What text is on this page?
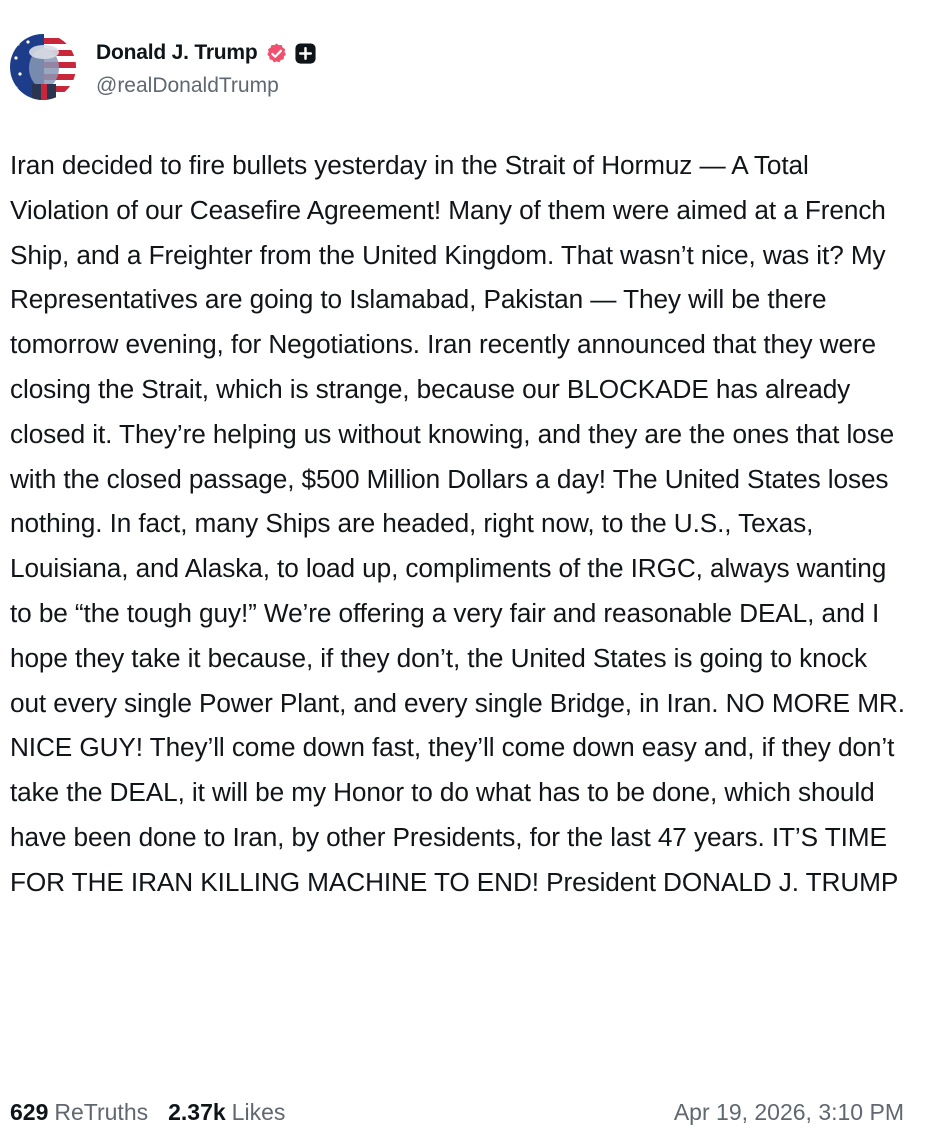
Donald J. Trump
@realDonaldTrump
Iran decided to fire bullets yesterday in the Strait of Hormuz — A Total Violation of our Ceasefire Agreement! Many of them were aimed at a French Ship, and a Freighter from the United Kingdom. That wasn’t nice, was it? My Representatives are going to Islamabad, Pakistan — They will be there tomorrow evening, for Negotiations. Iran recently announced that they were closing the Strait, which is strange, because our BLOCKADE has already closed it. They’re helping us without knowing, and they are the ones that lose with the closed passage, $500 Million Dollars a day! The United States loses nothing. In fact, many Ships are headed, right now, to the U.S., Texas, Louisiana, and Alaska, to load up, compliments of the IRGC, always wanting to be “the tough guy!” We’re offering a very fair and reasonable DEAL, and I hope they take it because, if they don’t, the United States is going to knock out every single Power Plant, and every single Bridge, in Iran. NO MORE MR. NICE GUY! They’ll come down fast, they’ll come down easy and, if they don’t take the DEAL, it will be my Honor to do what has to be done, which should have been done to Iran, by other Presidents, for the last 47 years. IT’S TIME FOR THE IRAN KILLING MACHINE TO END! President DONALD J. TRUMP
629 ReTruths 2.37k Likes	Apr 19, 2026, 3:10 PM
